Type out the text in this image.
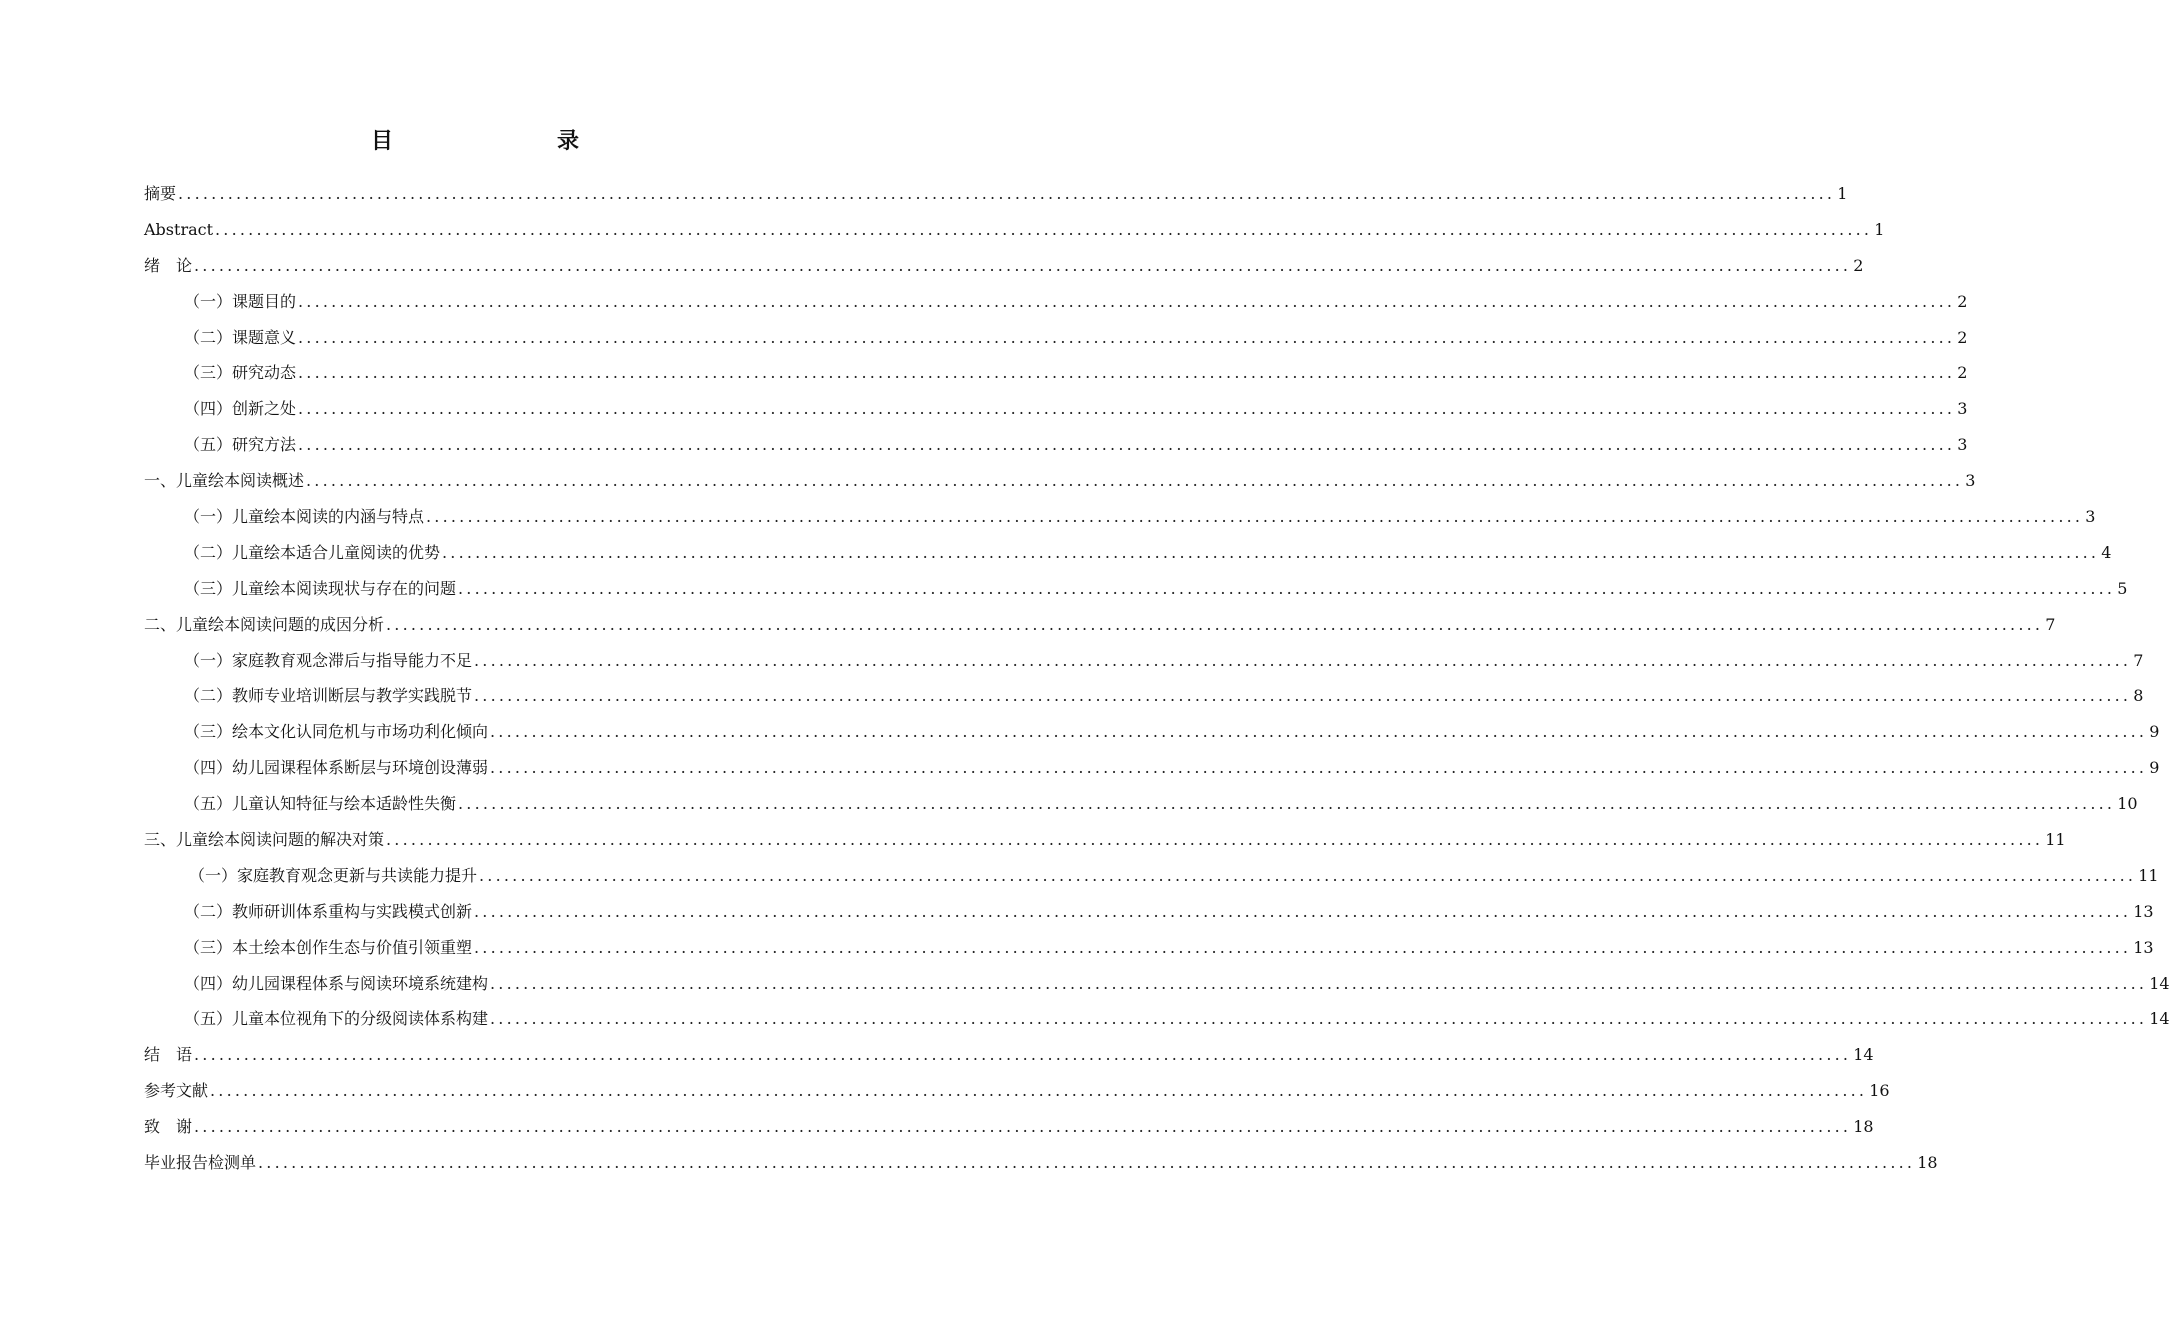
目　　录
摘要 ........................................................................................................................................................................................................ 1
Abstract ........................................................................................................................................................................................................ 1
绪　论 ........................................................................................................................................................................................................ 2
（一）课题目的 ........................................................................................................................................................................................................ 2
（二）课题意义 ........................................................................................................................................................................................................ 2
（三）研究动态 ........................................................................................................................................................................................................ 2
（四）创新之处 ........................................................................................................................................................................................................ 3
（五）研究方法 ........................................................................................................................................................................................................ 3
一、儿童绘本阅读概述 ........................................................................................................................................................................................................ 3
（一）儿童绘本阅读的内涵与特点 ........................................................................................................................................................................................................ 3
（二）儿童绘本适合儿童阅读的优势 ........................................................................................................................................................................................................ 4
（三）儿童绘本阅读现状与存在的问题 ........................................................................................................................................................................................................ 5
二、儿童绘本阅读问题的成因分析 ........................................................................................................................................................................................................ 7
（一）家庭教育观念滞后与指导能力不足 ........................................................................................................................................................................................................ 7
（二）教师专业培训断层与教学实践脱节 ........................................................................................................................................................................................................ 8
（三）绘本文化认同危机与市场功利化倾向 ........................................................................................................................................................................................................ 9
（四）幼儿园课程体系断层与环境创设薄弱 ........................................................................................................................................................................................................ 9
（五）儿童认知特征与绘本适龄性失衡 ........................................................................................................................................................................................................ 10
三、儿童绘本阅读问题的解决对策 ........................................................................................................................................................................................................ 11
（一）家庭教育观念更新与共读能力提升 ........................................................................................................................................................................................................ 11
（二）教师研训体系重构与实践模式创新 ........................................................................................................................................................................................................ 13
（三）本土绘本创作生态与价值引领重塑 ........................................................................................................................................................................................................ 13
（四）幼儿园课程体系与阅读环境系统建构 ........................................................................................................................................................................................................ 14
（五）儿童本位视角下的分级阅读体系构建 ........................................................................................................................................................................................................ 14
结　语 ........................................................................................................................................................................................................ 14
参考文献 ........................................................................................................................................................................................................ 16
致　谢 ........................................................................................................................................................................................................ 18
毕业报告检测单 ........................................................................................................................................................................................................ 18
